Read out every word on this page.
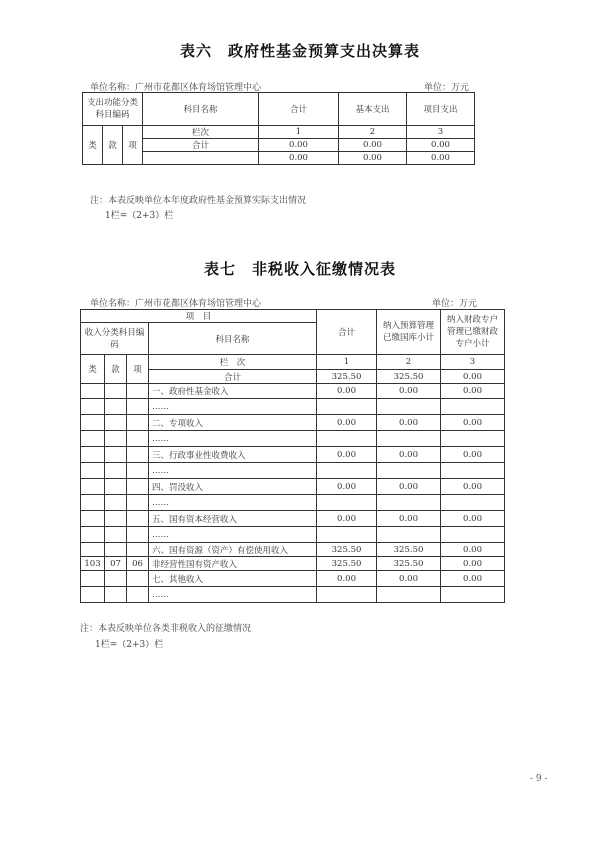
表六　政府性基金预算支出决算表
单位名称：广州市花都区体育场馆管理中心	单位：万元
支出功能分类科目编码			科目名称	合计	基本支出	项目支出
类	款	项	栏次	1	2	3
			合计	0.00	0.00	0.00
				0.00	0.00	0.00
注：本表反映单位本年度政府性基金预算实际支出情况
1栏=（2+3）栏
表七　非税收入征缴情况表
单位名称：广州市花都区体育场馆管理中心	单位：万元
项　目				合计	纳入预算管理已缴国库小计	纳入财政专户管理已缴财政专户小计
收入分类科目编码			科目名称			

类	款	项	栏　次	1	2	3
			合计	325.50	325.50	0.00
			一、政府性基金收入	0.00	0.00	0.00
			……			
			二、专项收入	0.00	0.00	0.00
			……			
			三、行政事业性收费收入	0.00	0.00	0.00
			……			
			四、罚没收入	0.00	0.00	0.00
			……			
			五、国有资本经营收入	0.00	0.00	0.00
			……			
			六、国有资源（资产）有偿使用收入	325.50	325.50	0.00
103	07	06	非经营性国有资产收入	325.50	325.50	0.00
			七、其他收入	0.00	0.00	0.00
			……			
注：本表反映单位各类非税收入的征缴情况
1栏=（2+3）栏
- 9 -
